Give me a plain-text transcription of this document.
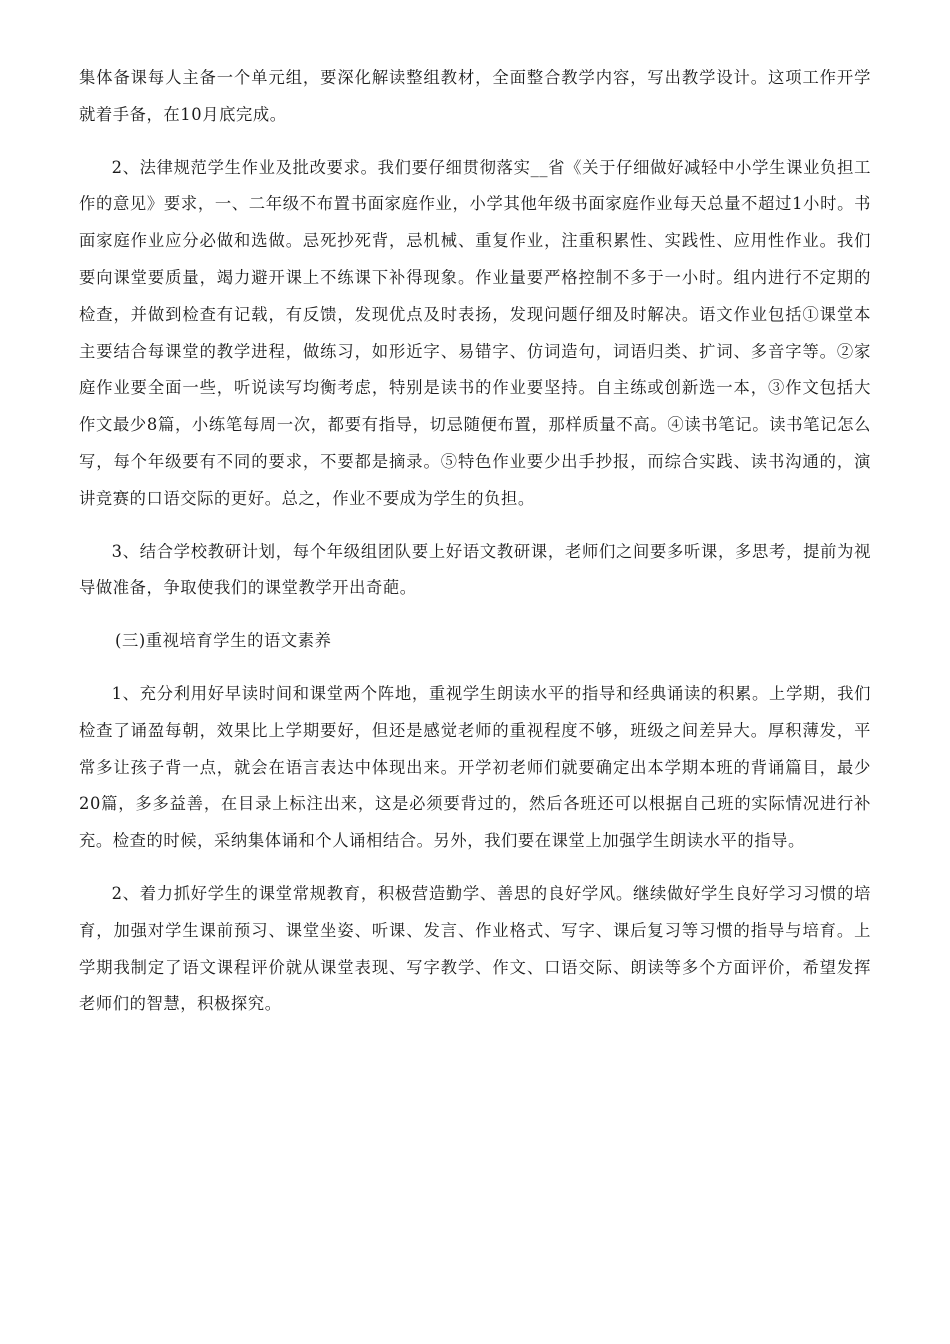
集体备课每人主备一个单元组，要深化解读整组教材，全面整合教学内容，写出教学设计。这项工作开学就着手备，在10月底完成。

2、法律规范学生作业及批改要求。我们要仔细贯彻落实__省《关于仔细做好减轻中小学生课业负担工作的意见》要求，一、二年级不布置书面家庭作业，小学其他年级书面家庭作业每天总量不超过1小时。书面家庭作业应分必做和选做。忌死抄死背，忌机械、重复作业，注重积累性、实践性、应用性作业。我们要向课堂要质量，竭力避开课上不练课下补得现象。作业量要严格控制不多于一小时。组内进行不定期的检查，并做到检查有记载，有反馈，发现优点及时表扬，发现问题仔细及时解决。语文作业包括①课堂本主要结合每课堂的教学进程，做练习，如形近字、易错字、仿词造句，词语归类、扩词、多音字等。②家庭作业要全面一些，听说读写均衡考虑，特别是读书的作业要坚持。自主练或创新选一本，③作文包括大作文最少8篇，小练笔每周一次，都要有指导，切忌随便布置，那样质量不高。④读书笔记。读书笔记怎么写，每个年级要有不同的要求，不要都是摘录。⑤特色作业要少出手抄报，而综合实践、读书沟通的，演讲竞赛的口语交际的更好。总之，作业不要成为学生的负担。

3、结合学校教研计划，每个年级组团队要上好语文教研课，老师们之间要多听课，多思考，提前为视导做准备，争取使我们的课堂教学开出奇葩。

(三)重视培育学生的语文素养

1、充分利用好早读时间和课堂两个阵地，重视学生朗读水平的指导和经典诵读的积累。上学期，我们检查了诵盈每朝，效果比上学期要好，但还是感觉老师的重视程度不够，班级之间差异大。厚积薄发，平常多让孩子背一点，就会在语言表达中体现出来。开学初老师们就要确定出本学期本班的背诵篇目，最少20篇，多多益善，在目录上标注出来，这是必须要背过的，然后各班还可以根据自己班的实际情况进行补充。检查的时候，采纳集体诵和个人诵相结合。另外，我们要在课堂上加强学生朗读水平的指导。

2、着力抓好学生的课堂常规教育，积极营造勤学、善思的良好学风。继续做好学生良好学习习惯的培育，加强对学生课前预习、课堂坐姿、听课、发言、作业格式、写字、课后复习等习惯的指导与培育。上学期我制定了语文课程评价就从课堂表现、写字教学、作文、口语交际、朗读等多个方面评价，希望发挥老师们的智慧，积极探究。
